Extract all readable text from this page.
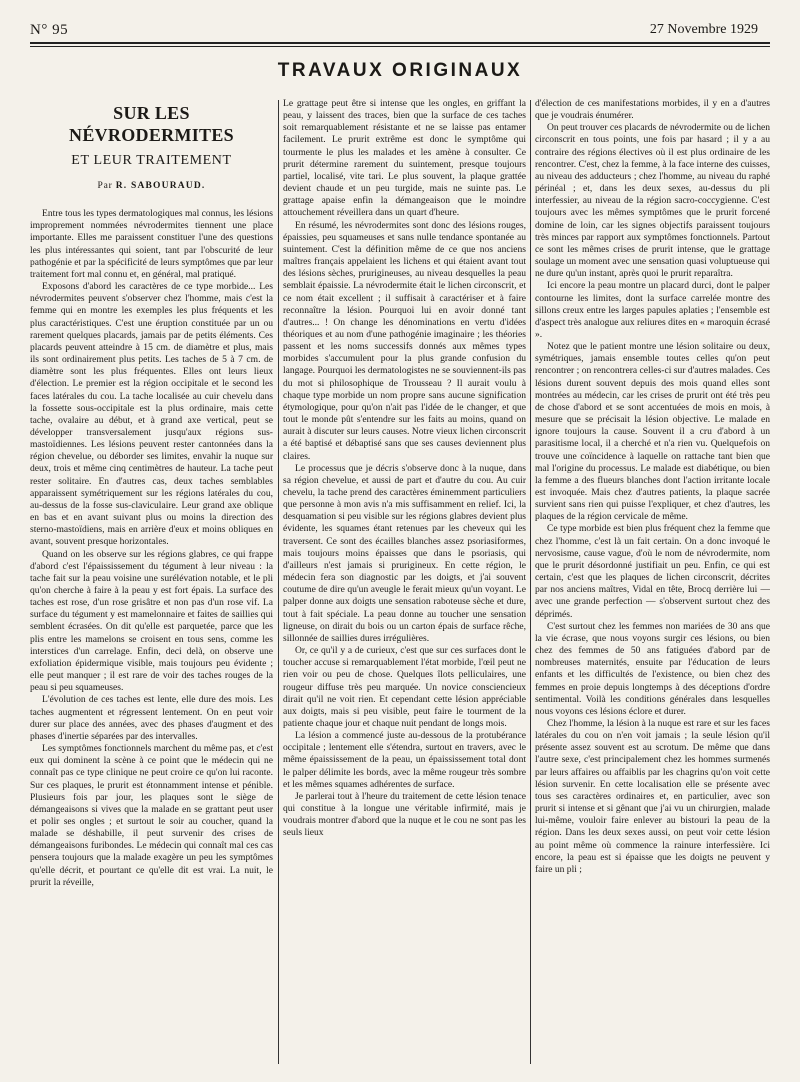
N° 95	27 Novembre 1929
TRAVAUX ORIGINAUX
SUR LES NÉVRODERMITES
ET LEUR TRAITEMENT
Par R. SABOURAUD.

Entre tous les types dermatologiques mal connus, les lésions improprement nommées névrodermites tiennent une place importante. Elles me paraissent constituer l'une des questions les plus intéressantes qui soient, tant par l'obscurité de leur pathogénie et par la spécificité de leurs symptômes que par leur traitement fort mal connu et, en général, mal pratiqué.

Exposons d'abord les caractères de ce type morbide... Les névrodermites peuvent s'observer chez l'homme, mais c'est la femme qui en montre les exemples les plus fréquents et les plus caractéristiques. C'est une éruption constituée par un ou rarement quelques placards, jamais par de petits éléments. Ces placards peuvent atteindre à 15 cm. de diamètre et plus, mais ils sont ordinairement plus petits. Les taches de 5 à 7 cm. de diamètre sont les plus fréquentes. Elles ont leurs lieux d'élection. Le premier est la région occipitale et le second les faces latérales du cou. La tache localisée au cuir chevelu dans la fossette sous-occipitale est la plus ordinaire, mais cette tache, ovalaire au début, et à grand axe vertical, peut se développer transversalement jusqu'aux régions sus-mastoïdiennes. Les lésions peuvent rester cantonnées dans la région chevelue, ou déborder ses limites, envahir la nuque sur deux, trois et même cinq centimètres de hauteur. La tache peut rester solitaire. En d'autres cas, deux taches semblables apparaissent symétriquement sur les régions latérales du cou, au-dessus de la fosse sus-claviculaire. Leur grand axe oblique en bas et en avant suivant plus ou moins la direction des sterno-mastoïdiens, mais en arrière d'eux et moins obliques en avant, souvent presque horizontales.

Quand on les observe sur les régions glabres, ce qui frappe d'abord c'est l'épaississement du tégument à leur niveau : la tache fait sur la peau voisine une surélévation notable, et le pli qu'on cherche à faire à la peau y est fort épais. La surface des taches est rose, d'un rose grisâtre et non pas d'un rose vif. La surface du tégument y est mamelonnaire et faites de saillies qui semblent écrasées. On dit qu'elle est parquetée, parce que les plis entre les mamelons se croisent en tous sens, comme les interstices d'un carrelage. Enfin, deci delà, on observe une exfoliation épidermique visible, mais toujours peu évidente ; elle peut manquer ; il est rare de voir des taches rouges de la peau si peu squameuses.

L'évolution de ces taches est lente, elle dure des mois. Les taches augmentent et régressent lentement. On en peut voir durer sur place des années, avec des phases d'augment et des phases d'inertie séparées par des intervalles.

Les symptômes fonctionnels marchent du même pas, et c'est eux qui dominent la scène à ce point que le médecin qui ne connaît pas ce type clinique ne peut croire ce qu'on lui raconte. Sur ces plaques, le prurit est étonnamment intense et pénible. Plusieurs fois par jour, les plaques sont le siège de démangeaisons si vives que la malade en se grattant peut user et polir ses ongles ; et surtout le soir au coucher, quand la malade se déshabille, il peut survenir des crises de démangeaisons furibondes. Le médecin qui connaît mal ces cas pensera toujours que la malade exagère un peu les symptômes qu'elle décrit, et pourtant ce qu'elle dit est vrai. La nuit, le prurit la réveille,

Le grattage peut être si intense que les ongles, en griffant la peau, y laissent des traces, bien que la surface de ces taches soit remarquablement résistante et ne se laisse pas entamer facilement. Le prurit extrême est donc le symptôme qui tourmente le plus les malades et les amène à consulter. Ce prurit détermine rarement du suintement, presque toujours partiel, localisé, vite tari. Le plus souvent, la plaque grattée devient chaude et un peu turgide, mais ne suinte pas. Le grattage apaise enfin la démangeaison que le moindre attouchement réveillera dans un quart d'heure.

En résumé, les névrodermites sont donc des lésions rouges, épaissies, peu squameuses et sans nulle tendance spontanée au suintement. C'est la définition même de ce que nos anciens maîtres français appelaient les lichens et qui étaient avant tout des lésions sèches, prurigineuses, au niveau desquelles la peau semblait épaissie. La névrodermite était le lichen circonscrit, et ce nom était excellent ; il suffisait à caractériser et à faire reconnaître la lésion. Pourquoi lui en avoir donné tant d'autres... ! On change les dénominations en vertu d'idées théoriques et au nom d'une pathogénie imaginaire ; les théories passent et les noms successifs donnés aux mêmes types morbides s'accumulent pour la plus grande confusion du langage. Pourquoi les dermatologistes ne se souviennent-ils pas du mot si philosophique de Trousseau ? Il aurait voulu à chaque type morbide un nom propre sans aucune signification étymologique, pour qu'on n'ait pas l'idée de le changer, et que tout le monde pût s'entendre sur les faits au moins, quand on aurait à discuter sur leurs causes. Notre vieux lichen circonscrit a été baptisé et débaptisé sans que ses causes deviennent plus claires.

Le processus que je décris s'observe donc à la nuque, dans sa région chevelue, et aussi de part et d'autre du cou. Au cuir chevelu, la tache prend des caractères éminemment particuliers que personne à mon avis n'a mis suffisamment en relief. Ici, la desquamation si peu visible sur les régions glabres devient plus évidente, les squames étant retenues par les cheveux qui les traversent. Ce sont des écailles blanches assez psoriasiformes, mais toujours moins épaisses que dans le psoriasis, qui d'ailleurs n'est jamais si prurigineux. En cette région, le médecin fera son diagnostic par les doigts, et j'ai souvent coutume de dire qu'un aveugle le ferait mieux qu'un voyant. Le palper donne aux doigts une sensation raboteuse sèche et dure, tout à fait spéciale. La peau donne au toucher une sensation ligneuse, on dirait du bois ou un carton épais de surface rêche, sillonnée de saillies dures irrégulières.

Or, ce qu'il y a de curieux, c'est que sur ces surfaces dont le toucher accuse si remarquablement l'état morbide, l'œil peut ne rien voir ou peu de chose. Quelques îlots pelliculaires, une rougeur diffuse très peu marquée. Un novice consciencieux dirait qu'il ne voit rien. Et cependant cette lésion appréciable aux doigts, mais si peu visible, peut faire le tourment de la patiente chaque jour et chaque nuit pendant de longs mois.

La lésion a commencé juste au-dessous de la protubérance occipitale ; lentement elle s'étendra, surtout en travers, avec le même épaississement de la peau, un épaississement total dont le palper délimite les bords, avec la même rougeur très sombre et les mêmes squames adhérentes de surface.

Je parlerai tout à l'heure du traitement de cette lésion tenace qui constitue à la longue une véritable infirmité, mais je voudrais montrer d'abord que la nuque et le cou ne sont pas les seuls lieux

d'élection de ces manifestations morbides, il y en a d'autres que je voudrais énumérer.

On peut trouver ces placards de névrodermite ou de lichen circonscrit en tous points, une fois par hasard ; il y a au contraire des régions électives où il est plus ordinaire de les rencontrer. C'est, chez la femme, à la face interne des cuisses, au niveau des adducteurs ; chez l'homme, au niveau du raphé périnéal ; et, dans les deux sexes, au-dessus du pli interfessier, au niveau de la région sacro-coccygienne. C'est toujours avec les mêmes symptômes que le prurit forcené domine de loin, car les signes objectifs paraissent toujours très minces par rapport aux symptômes fonctionnels. Partout ce sont les mêmes crises de prurit intense, que le grattage soulage un moment avec une sensation quasi voluptueuse qui ne dure qu'un instant, après quoi le prurit reparaîtra.

Ici encore la peau montre un placard durci, dont le palper contourne les limites, dont la surface carrelée montre des sillons creux entre les larges papules aplaties ; l'ensemble est d'aspect très analogue aux reliures dites en « maroquin écrasé ».

Notez que le patient montre une lésion solitaire ou deux, symétriques, jamais ensemble toutes celles qu'on peut rencontrer ; on rencontrera celles-ci sur d'autres malades. Ces lésions durent souvent depuis des mois quand elles sont montrées au médecin, car les crises de prurit ont été très peu de chose d'abord et se sont accentuées de mois en mois, à mesure que se précisait la lésion objective. Le malade en ignore toujours la cause. Souvent il a cru d'abord à un parasitisme local, il a cherché et n'a rien vu. Quelquefois on trouve une coïncidence à laquelle on rattache tant bien que mal l'origine du processus. Le malade est diabétique, ou bien la femme a des flueurs blanches dont l'action irritante locale est invoquée. Mais chez d'autres patients, la plaque sacrée survient sans rien qui puisse l'expliquer, et chez d'autres, les plaques de la région cervicale de même.

Ce type morbide est bien plus fréquent chez la femme que chez l'homme, c'est là un fait certain. On a donc invoqué le nervosisme, cause vague, d'où le nom de névrodermite, nom que le prurit désordonné justifiait un peu. Enfin, ce qui est certain, c'est que les plaques de lichen circonscrit, décrites par nos anciens maîtres, Vidal en tête, Brocq derrière lui — avec une grande perfection — s'observent surtout chez des déprimés.

C'est surtout chez les femmes non mariées de 30 ans que la vie écrase, que nous voyons surgir ces lésions, ou bien chez des femmes de 50 ans fatiguées d'abord par de nombreuses maternités, ensuite par l'éducation de leurs enfants et les difficultés de l'existence, ou bien chez des femmes en proie depuis longtemps à des déceptions d'ordre sentimental. Voilà les conditions générales dans lesquelles nous voyons ces lésions éclore et durer.

Chez l'homme, la lésion à la nuque est rare et sur les faces latérales du cou on n'en voit jamais ; la seule lésion qu'il présente assez souvent est au scrotum. De même que dans l'autre sexe, c'est principalement chez les hommes surmenés par leurs affaires ou affaiblis par les chagrins qu'on voit cette lésion survenir. En cette localisation elle se présente avec tous ses caractères ordinaires et, en particulier, avec son prurit si intense et si gênant que j'ai vu un chirurgien, malade lui-même, vouloir faire enlever au bistouri la peau de la région. Dans les deux sexes aussi, on peut voir cette lésion au point même où commence la rainure interfessière. Ici encore, la peau est si épaisse que les doigts ne peuvent y faire un pli ;
